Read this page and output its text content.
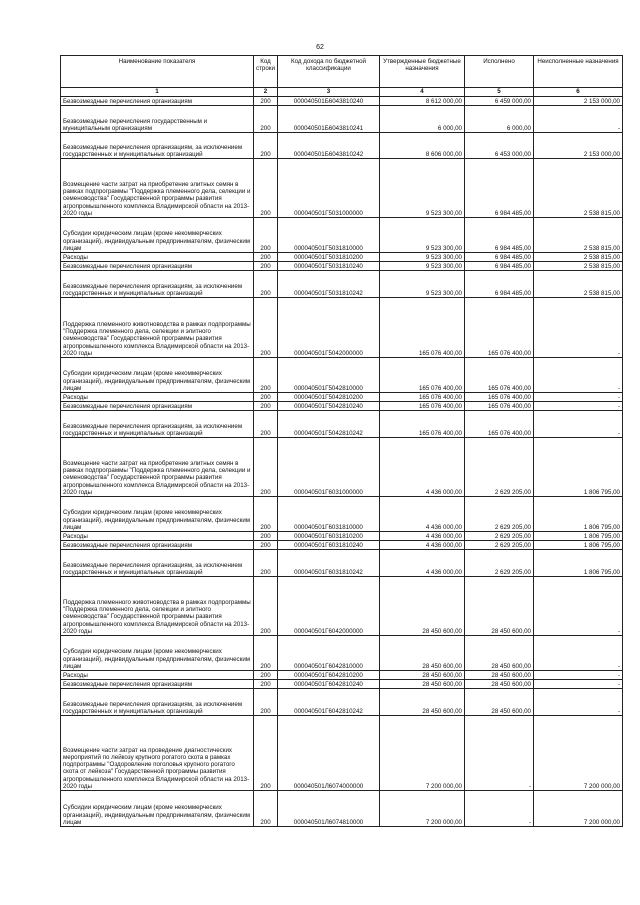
62
Наименование показателя	Код строки	Код дохода по бюджетной классификации	Утвержденные бюджетные назначения	Исполнено	Неисполненные назначения
1	2	3	4	5	6
Безвозмездные перечисления организациям	200	000040501Б6043810240	8 612 000,00	6 459 000,00	2 153 000,00
Безвозмездные перечисления государственным и муниципальным организациям	200	000040501Б6043810241	6 000,00	6 000,00	-
Безвозмездные перечисления организациям, за исключением государственных и муниципальных организаций	200	000040501Б6043810242	8 606 000,00	6 453 000,00	2 153 000,00
Возмещение части затрат на приобретение элитных семян в рамках подпрограммы "Поддержка племенного дела, селекции и семеноводства" Государственной программы развития агропромышленного комплекса Владимирской области на 2013-2020 годы	200	000040501Г5031000000	9 523 300,00	6 984 485,00	2 538 815,00
Субсидии юридическим лицам (кроме некоммерческих организаций), индивидуальным предпринимателям, физическим лицам	200	000040501Г5031810000	9 523 300,00	6 984 485,00	2 538 815,00
Расходы	200	000040501Г5031810200	9 523 300,00	6 984 485,00	2 538 815,00
Безвозмездные перечисления организациям	200	000040501Г5031810240	9 523 300,00	6 984 485,00	2 538 815,00
Безвозмездные перечисления организациям, за исключением государственных и муниципальных организаций	200	000040501Г5031810242	9 523 300,00	6 984 485,00	2 538 815,00
Поддержка племенного животноводства в рамках подпрограммы "Поддержка племенного дела, селекции и элитного семеноводства" Государственной программы развития агропромышленного комплекса Владимирской области на 2013-2020 годы	200	000040501Г5042000000	165 076 400,00	165 076 400,00	-
Субсидии юридическим лицам (кроме некоммерческих организаций), индивидуальным предпринимателям, физическим лицам	200	000040501Г5042810000	165 076 400,00	165 076 400,00	-
Расходы	200	000040501Г5042810200	165 076 400,00	165 076 400,00	-
Безвозмездные перечисления организациям	200	000040501Г5042810240	165 076 400,00	165 076 400,00	-
Безвозмездные перечисления организациям, за исключением государственных и муниципальных организаций	200	000040501Г5042810242	165 076 400,00	165 076 400,00	-
Возмещение части затрат на приобретение элитных семян в рамках подпрограммы "Поддержка племенного дела, селекции и семеноводства" Государственной программы развития агропромышленного комплекса Владимирской области на 2013-2020 годы	200	000040501Г6031000000	4 436 000,00	2 629 205,00	1 806 795,00
Субсидии юридическим лицам (кроме некоммерческих организаций), индивидуальным предпринимателям, физическим лицам	200	000040501Г6031810000	4 436 000,00	2 629 205,00	1 806 795,00
Расходы	200	000040501Г6031810200	4 436 000,00	2 629 205,00	1 806 795,00
Безвозмездные перечисления организациям	200	000040501Г6031810240	4 436 000,00	2 629 205,00	1 806 795,00
Безвозмездные перечисления организациям, за исключением государственных и муниципальных организаций	200	000040501Г6031810242	4 436 000,00	2 629 205,00	1 806 795,00
Поддержка племенного животноводства в рамках подпрограммы "Поддержка племенного дела, селекции и элитного семеноводства" Государственной программы развития агропромышленного комплекса Владимирской области на 2013-2020 годы	200	000040501Г6042000000	28 450 600,00	28 450 600,00	-
Субсидии юридическим лицам (кроме некоммерческих организаций), индивидуальным предпринимателям, физическим лицам	200	000040501Г6042810000	28 450 600,00	28 450 600,00	-
Расходы	200	000040501Г6042810200	28 450 600,00	28 450 600,00	-
Безвозмездные перечисления организациям	200	000040501Г6042810240	28 450 600,00	28 450 600,00	-
Безвозмездные перечисления организациям, за исключением государственных и муниципальных организаций	200	000040501Г6042810242	28 450 600,00	28 450 600,00	-
Возмещение части затрат на проведение диагностических мероприятий по лейкозу крупного рогатого скота в рамках подпрограммы "Оздоровление поголовья крупного рогатого скота от лейкоза" Государственной программы развития агропромышленного комплекса Владимирской области на 2013-2020 годы	200	000040501Л6074000000	7 200 000,00	-	7 200 000,00
Субсидии юридическим лицам (кроме некоммерческих организаций), индивидуальным предпринимателям, физическим лицам	200	000040501Л6074810000	7 200 000,00	-	7 200 000,00
